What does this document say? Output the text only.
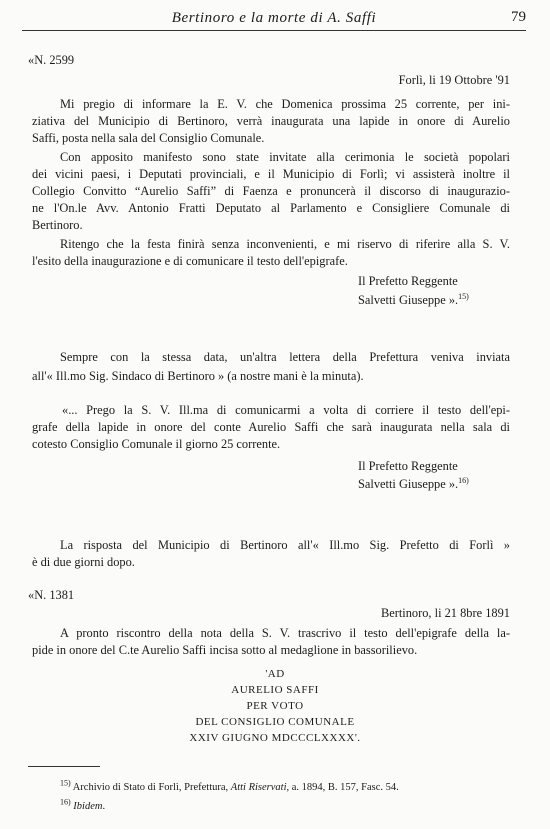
Bertinoro e la morte di A. Saffi	79
«N. 2599
Forlì, li 19 Ottobre '91
Mi pregio di informare la E. V. che Domenica prossima 25 corrente, per ini-
ziativa del Municipio di Bertinoro, verrà inaugurata una lapide in onore di Aurelio
Saffi, posta nella sala del Consiglio Comunale.
Con apposito manifesto sono state invitate alla cerimonia le società popolari
dei vicini paesi, i Deputati provinciali, e il Municipio di Forlì; vi assisterà inoltre il
Collegio Convitto “Aurelio Saffi” di Faenza e pronuncerà il discorso di inaugurazio-
ne l'On.le Avv. Antonio Fratti Deputato al Parlamento e Consigliere Comunale di
Bertinoro.
Ritengo che la festa finirà senza inconvenienti, e mi riservo di riferire alla S. V.
l'esito della inaugurazione e di comunicare il testo dell'epigrafe.
Il Prefetto Reggente
Salvetti Giuseppe ».$^{15)}$
Sempre con la stessa data, un'altra lettera della Prefettura veniva inviata
all'« Ill.mo Sig. Sindaco di Bertinoro » (a nostre mani è la minuta).
«... Prego la S. V. Ill.ma di comunicarmi a volta di corriere il testo dell'epi-
grafe della lapide in onore del conte Aurelio Saffi che sarà inaugurata nella sala di
cotesto Consiglio Comunale il giorno 25 corrente.
Il Prefetto Reggente
Salvetti Giuseppe ».$^{16)}$
La risposta del Municipio di Bertinoro all'« Ill.mo Sig. Prefetto di Forlì »
è di due giorni dopo.
«N. 1381
Bertinoro, li 21 8bre 1891
A pronto riscontro della nota della S. V. trascrivo il testo dell'epigrafe della la-
pide in onore del C.te Aurelio Saffi incisa sotto al medaglione in bassorilievo.
'AD
AURELIO SAFFI
PER VOTO
DEL CONSIGLIO COMUNALE
XXIV GIUGNO MDCCCLXXXX'.
$^{15)}$ Archivio di Stato di Forlì, Prefettura, Atti Riservati, a. 1894, B. 157, Fasc. 54.
$^{16)}$ Ibidem.
